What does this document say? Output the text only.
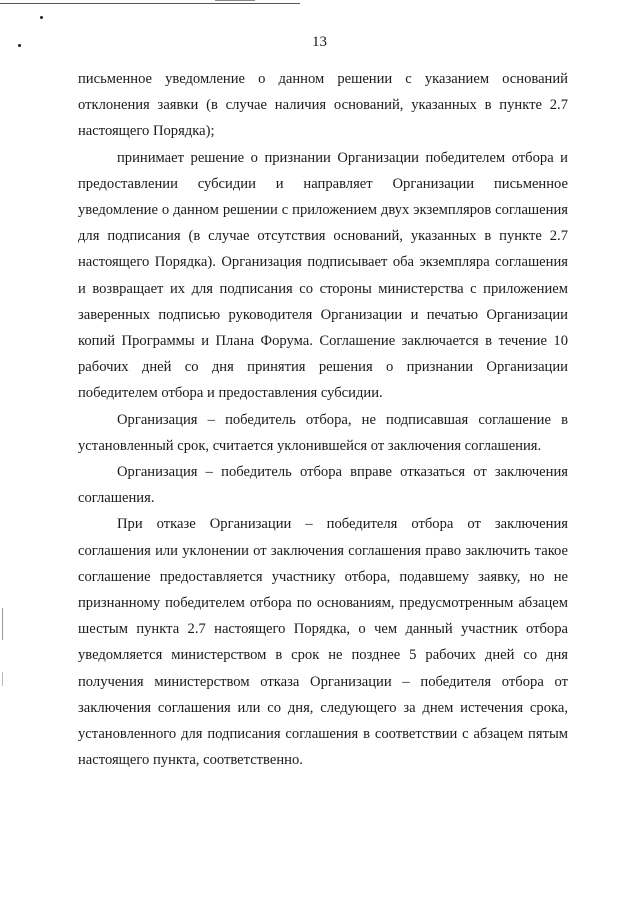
13

письменное уведомление о данном решении с указанием оснований отклонения заявки (в случае наличия оснований, указанных в пункте 2.7 настоящего Порядка);

принимает решение о признании Организации победителем отбора и предоставлении субсидии и направляет Организации письменное уведомление о данном решении с приложением двух экземпляров соглашения для подписания (в случае отсутствия оснований, указанных в пункте 2.7 настоящего Порядка). Организация подписывает оба экземпляра соглашения и возвращает их для подписания со стороны министерства с приложением заверенных подписью руководителя Организации и печатью Организации копий Программы и Плана Форума. Соглашение заключается в течение 10 рабочих дней со дня принятия решения о признании Организации победителем отбора и предоставления субсидии.

Организация – победитель отбора, не подписавшая соглашение в установленный срок, считается уклонившейся от заключения соглашения.

Организация – победитель отбора вправе отказаться от заключения соглашения.

При отказе Организации – победителя отбора от заключения соглашения или уклонении от заключения соглашения право заключить такое соглашение предоставляется участнику отбора, подавшему заявку, но не признанному победителем отбора по основаниям, предусмотренным абзацем шестым пункта 2.7 настоящего Порядка, о чем данный участник отбора уведомляется министерством в срок не позднее 5 рабочих дней со дня получения министерством отказа Организации – победителя отбора от заключения соглашения или со дня, следующего за днем истечения срока, установленного для подписания соглашения в соответствии с абзацем пятым настоящего пункта, соответственно.
